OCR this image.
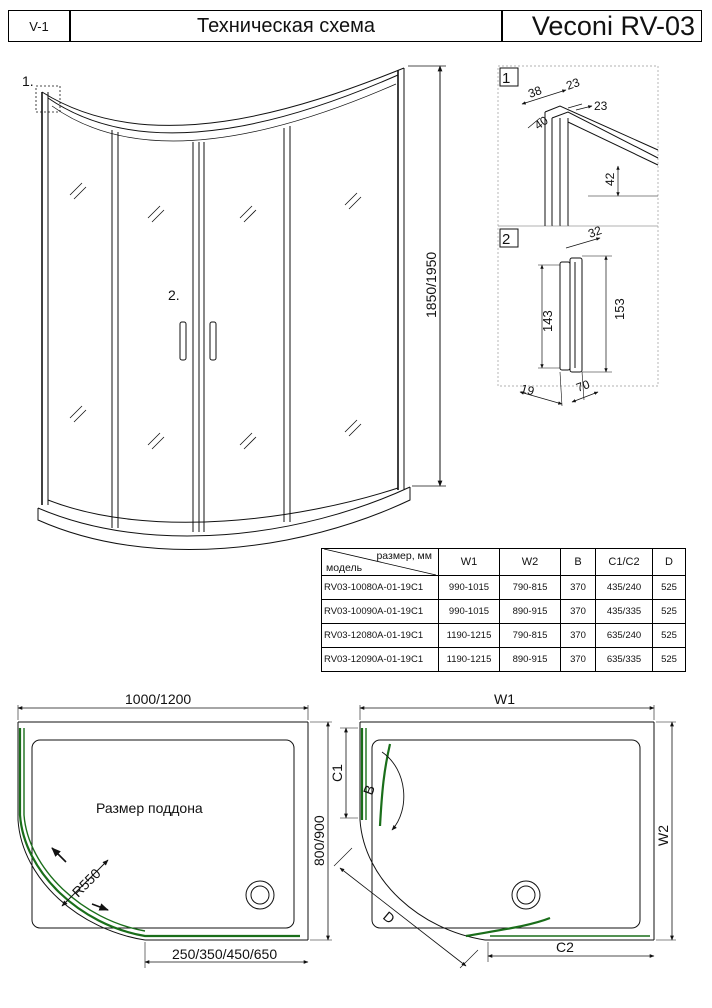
V-1	Техническая схема	Veconi RV-03
1.
2.	1850/1950
1
38 23
23
40
42
2	32
143
153
19	70
1000/1200
800/900
Размер поддона
R550
250/350/450/650
W1
W2
C1
C2
D
B
размер, мм
модель	W1	W2	B	C1/C2	D
RV03-10080A-01-19C1	990-1015	790-815	370	435/240	525
RV03-10090A-01-19C1	990-1015	890-915	370	435/335	525
RV03-12080A-01-19C1	1190-1215	790-815	370	635/240	525
RV03-12090A-01-19C1	1190-1215	890-915	370	635/335	525
